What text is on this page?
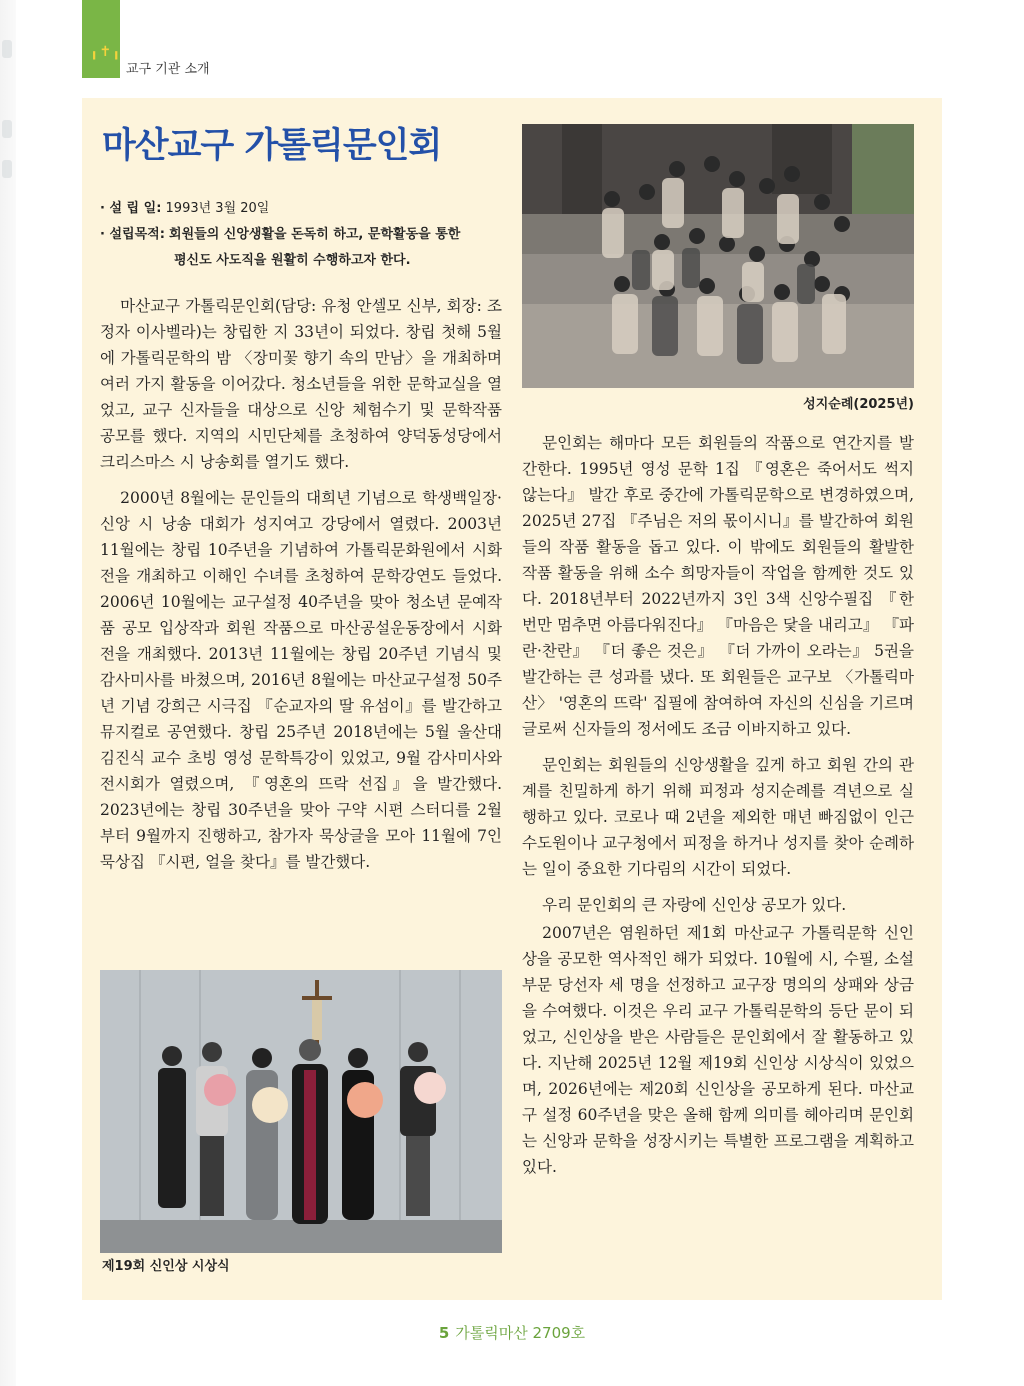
╻✝╻
교구 기관 소개
마산교구 가톨릭문인회
· 설 립 일:
1993년 3월 20일
· 설립목적:
회원들의 신앙생활을 돈독히 하고, 문학활동을 통한
평신도 사도직을 원활히 수행하고자 한다.

마산교구 가톨릭문인회(담당: 유청 안셀모 신부, 회장: 조정자 이사벨라)는 창립한 지 33년이 되었다. 창립 첫해 5월에 가톨릭문학의 밤 〈장미꽃 향기 속의 만남〉을 개최하며 여러 가지 활동을 이어갔다. 청소년들을 위한 문학교실을 열었고, 교구 신자들을 대상으로 신앙 체험수기 및 문학작품 공모를 했다. 지역의 시민단체를 초청하여 양덕동성당에서 크리스마스 시 낭송회를 열기도 했다.

2000년 8월에는 문인들의 대희년 기념으로 학생백일장·신앙 시 낭송 대회가 성지여고 강당에서 열렸다. 2003년 11월에는 창립 10주년을 기념하여 가톨릭문화원에서 시화전을 개최하고 이해인 수녀를 초청하여 문학강연도 들었다. 2006년 10월에는 교구설정 40주년을 맞아 청소년 문예작품 공모 입상작과 회원 작품으로 마산공설운동장에서 시화전을 개최했다. 2013년 11월에는 창립 20주년 기념식 및 감사미사를 바쳤으며, 2016년 8월에는 마산교구설정 50주년 기념 강희근 시극집 『순교자의 딸 유섬이』를 발간하고 뮤지컬로 공연했다. 창립 25주년 2018년에는 5월 울산대 김진식 교수 초빙 영성 문학특강이 있었고, 9월 감사미사와 전시회가 열렸으며, 『영혼의 뜨락 선집』을 발간했다. 2023년에는 창립 30주년을 맞아 구약 시편 스터디를 2월부터 9월까지 진행하고, 참가자 묵상글을 모아 11월에 7인 묵상집 『시편, 얼을 찾다』를 발간했다.

성지순례(2025년)

문인회는 해마다 모든 회원들의 작품으로 연간지를 발간한다. 1995년 영성 문학 1집 『영혼은 죽어서도 썩지 않는다』 발간 후로 중간에 가톨릭문학으로 변경하였으며, 2025년 27집 『주님은 저의 몫이시니』를 발간하여 회원들의 작품 활동을 돕고 있다. 이 밖에도 회원들의 활발한 작품 활동을 위해 소수 희망자들이 작업을 함께한 것도 있다. 2018년부터 2022년까지 3인 3색 신앙수필집 『한 번만 멈추면 아름다워진다』 『마음은 닻을 내리고』 『파란·찬란』 『더 좋은 것은』 『더 가까이 오라는』 5권을 발간하는 큰 성과를 냈다. 또 회원들은 교구보 〈가톨릭마산〉 '영혼의 뜨락' 집필에 참여하여 자신의 신심을 기르며 글로써 신자들의 정서에도 조금 이바지하고 있다.

문인회는 회원들의 신앙생활을 깊게 하고 회원 간의 관계를 친밀하게 하기 위해 피정과 성지순례를 격년으로 실행하고 있다. 코로나 때 2년을 제외한 매년 빠짐없이 인근 수도원이나 교구청에서 피정을 하거나 성지를 찾아 순례하는 일이 중요한 기다림의 시간이 되었다.

우리 문인회의 큰 자랑에 신인상 공모가 있다.

2007년은 염원하던 제1회 마산교구 가톨릭문학 신인상을 공모한 역사적인 해가 되었다. 10월에 시, 수필, 소설 부문 당선자 세 명을 선정하고 교구장 명의의 상패와 상금을 수여했다. 이것은 우리 교구 가톨릭문학의 등단 문이 되었고, 신인상을 받은 사람들은 문인회에서 잘 활동하고 있다. 지난해 2025년 12월 제19회 신인상 시상식이 있었으며, 2026년에는 제20회 신인상을 공모하게 된다. 마산교구 설정 60주년을 맞은 올해 함께 의미를 헤아리며 문인회는 신앙과 문학을 성장시키는 특별한 프로그램을 계획하고 있다.

제19회 신인상 시상식
5 가톨릭마산 2709호
